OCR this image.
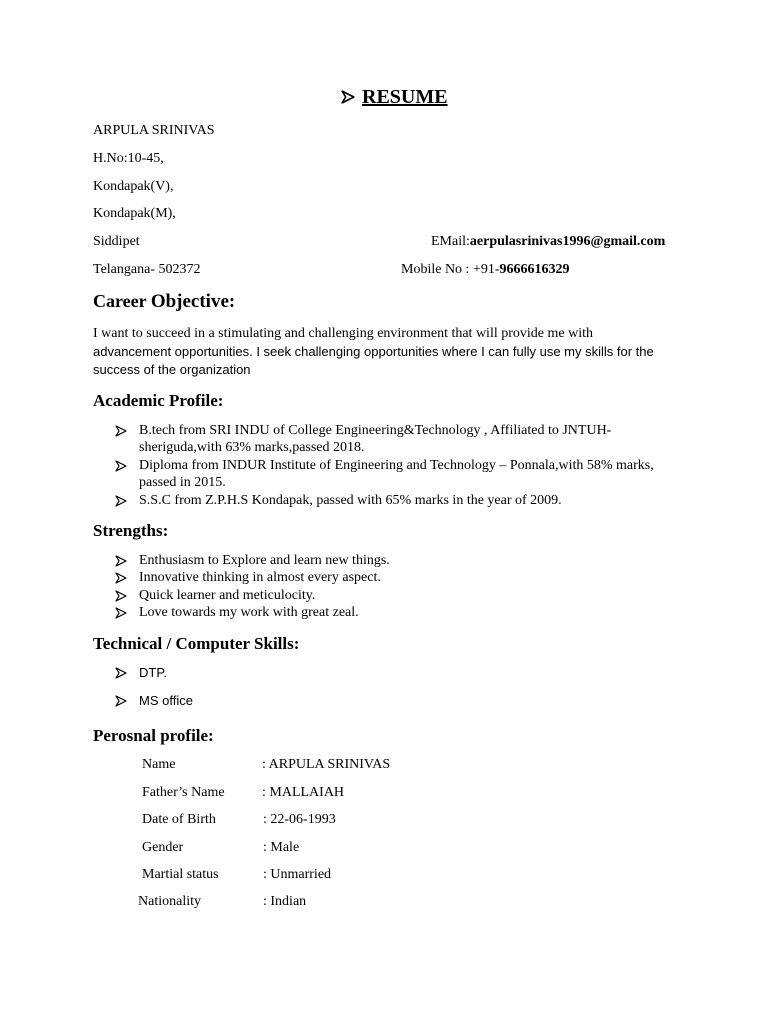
RESUME
ARPULA SRINIVAS
H.No:10-45,
Kondapak(V),
Kondapak(M),
Siddipet
Telangana- 502372
EMail:aerpulasrinivas1996@gmail.com
Mobile No : +91-9666616329
Career Objective:
I want to succeed in a stimulating and challenging environment that will provide me with
advancement opportunities. I seek challenging opportunities where I can fully use my skills for the success of the organization
Academic Profile:
B.tech from SRI INDU of College Engineering&Technology , Affiliated to JNTUH-
sheriguda,with 63% marks,passed 2018.
Diploma from INDUR Institute of Engineering and Technology – Ponnala,with 58% marks,
passed in 2015.
S.S.C from Z.P.H.S Kondapak, passed with 65% marks in the year of 2009.
Strengths:
Enthusiasm to Explore and learn new things.
Innovative thinking in almost every aspect.
Quick learner and meticulocity.
Love towards my work with great zeal.
Technical / Computer Skills:
DTP.
MS office
Perosnal profile:
Name	: ARPULA SRINIVAS
Father’s Name	: MALLAIAH
Date of Birth	: 22-06-1993
Gender	: Male
Martial status	: Unmarried
Nationality	: Indian
